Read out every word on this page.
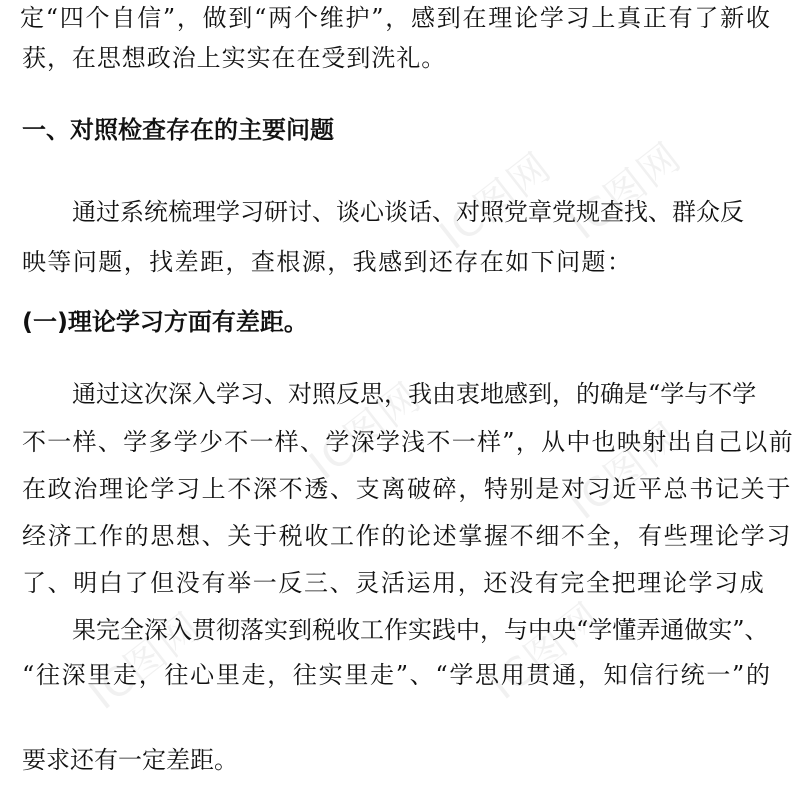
IC图网 IC图网
IC图网	IC图网
IC图网	IC图网

定“四个自信”，做到“两个维护”，感到在理论学习上真正有了新收

获，在思想政治上实实在在受到洗礼。

一、对照检查存在的主要问题

通过系统梳理学习研讨、谈心谈话、对照党章党规查找、群众反

映等问题，找差距，查根源，我感到还存在如下问题：

(一)理论学习方面有差距。

通过这次深入学习、对照反思，我由衷地感到，的确是“学与不学

不一样、学多学少不一样、学深学浅不一样”，从中也映射出自己以前

在政治理论学习上不深不透、支离破碎，特别是对习近平总书记关于

经济工作的思想、关于税收工作的论述掌握不细不全，有些理论学习

了、明白了但没有举一反三、灵活运用，还没有完全把理论学习成

果完全深入贯彻落实到税收工作实践中，与中央“学懂弄通做实”、

“往深里走，往心里走，往实里走”、“学思用贯通，知信行统一”的

要求还有一定差距。
